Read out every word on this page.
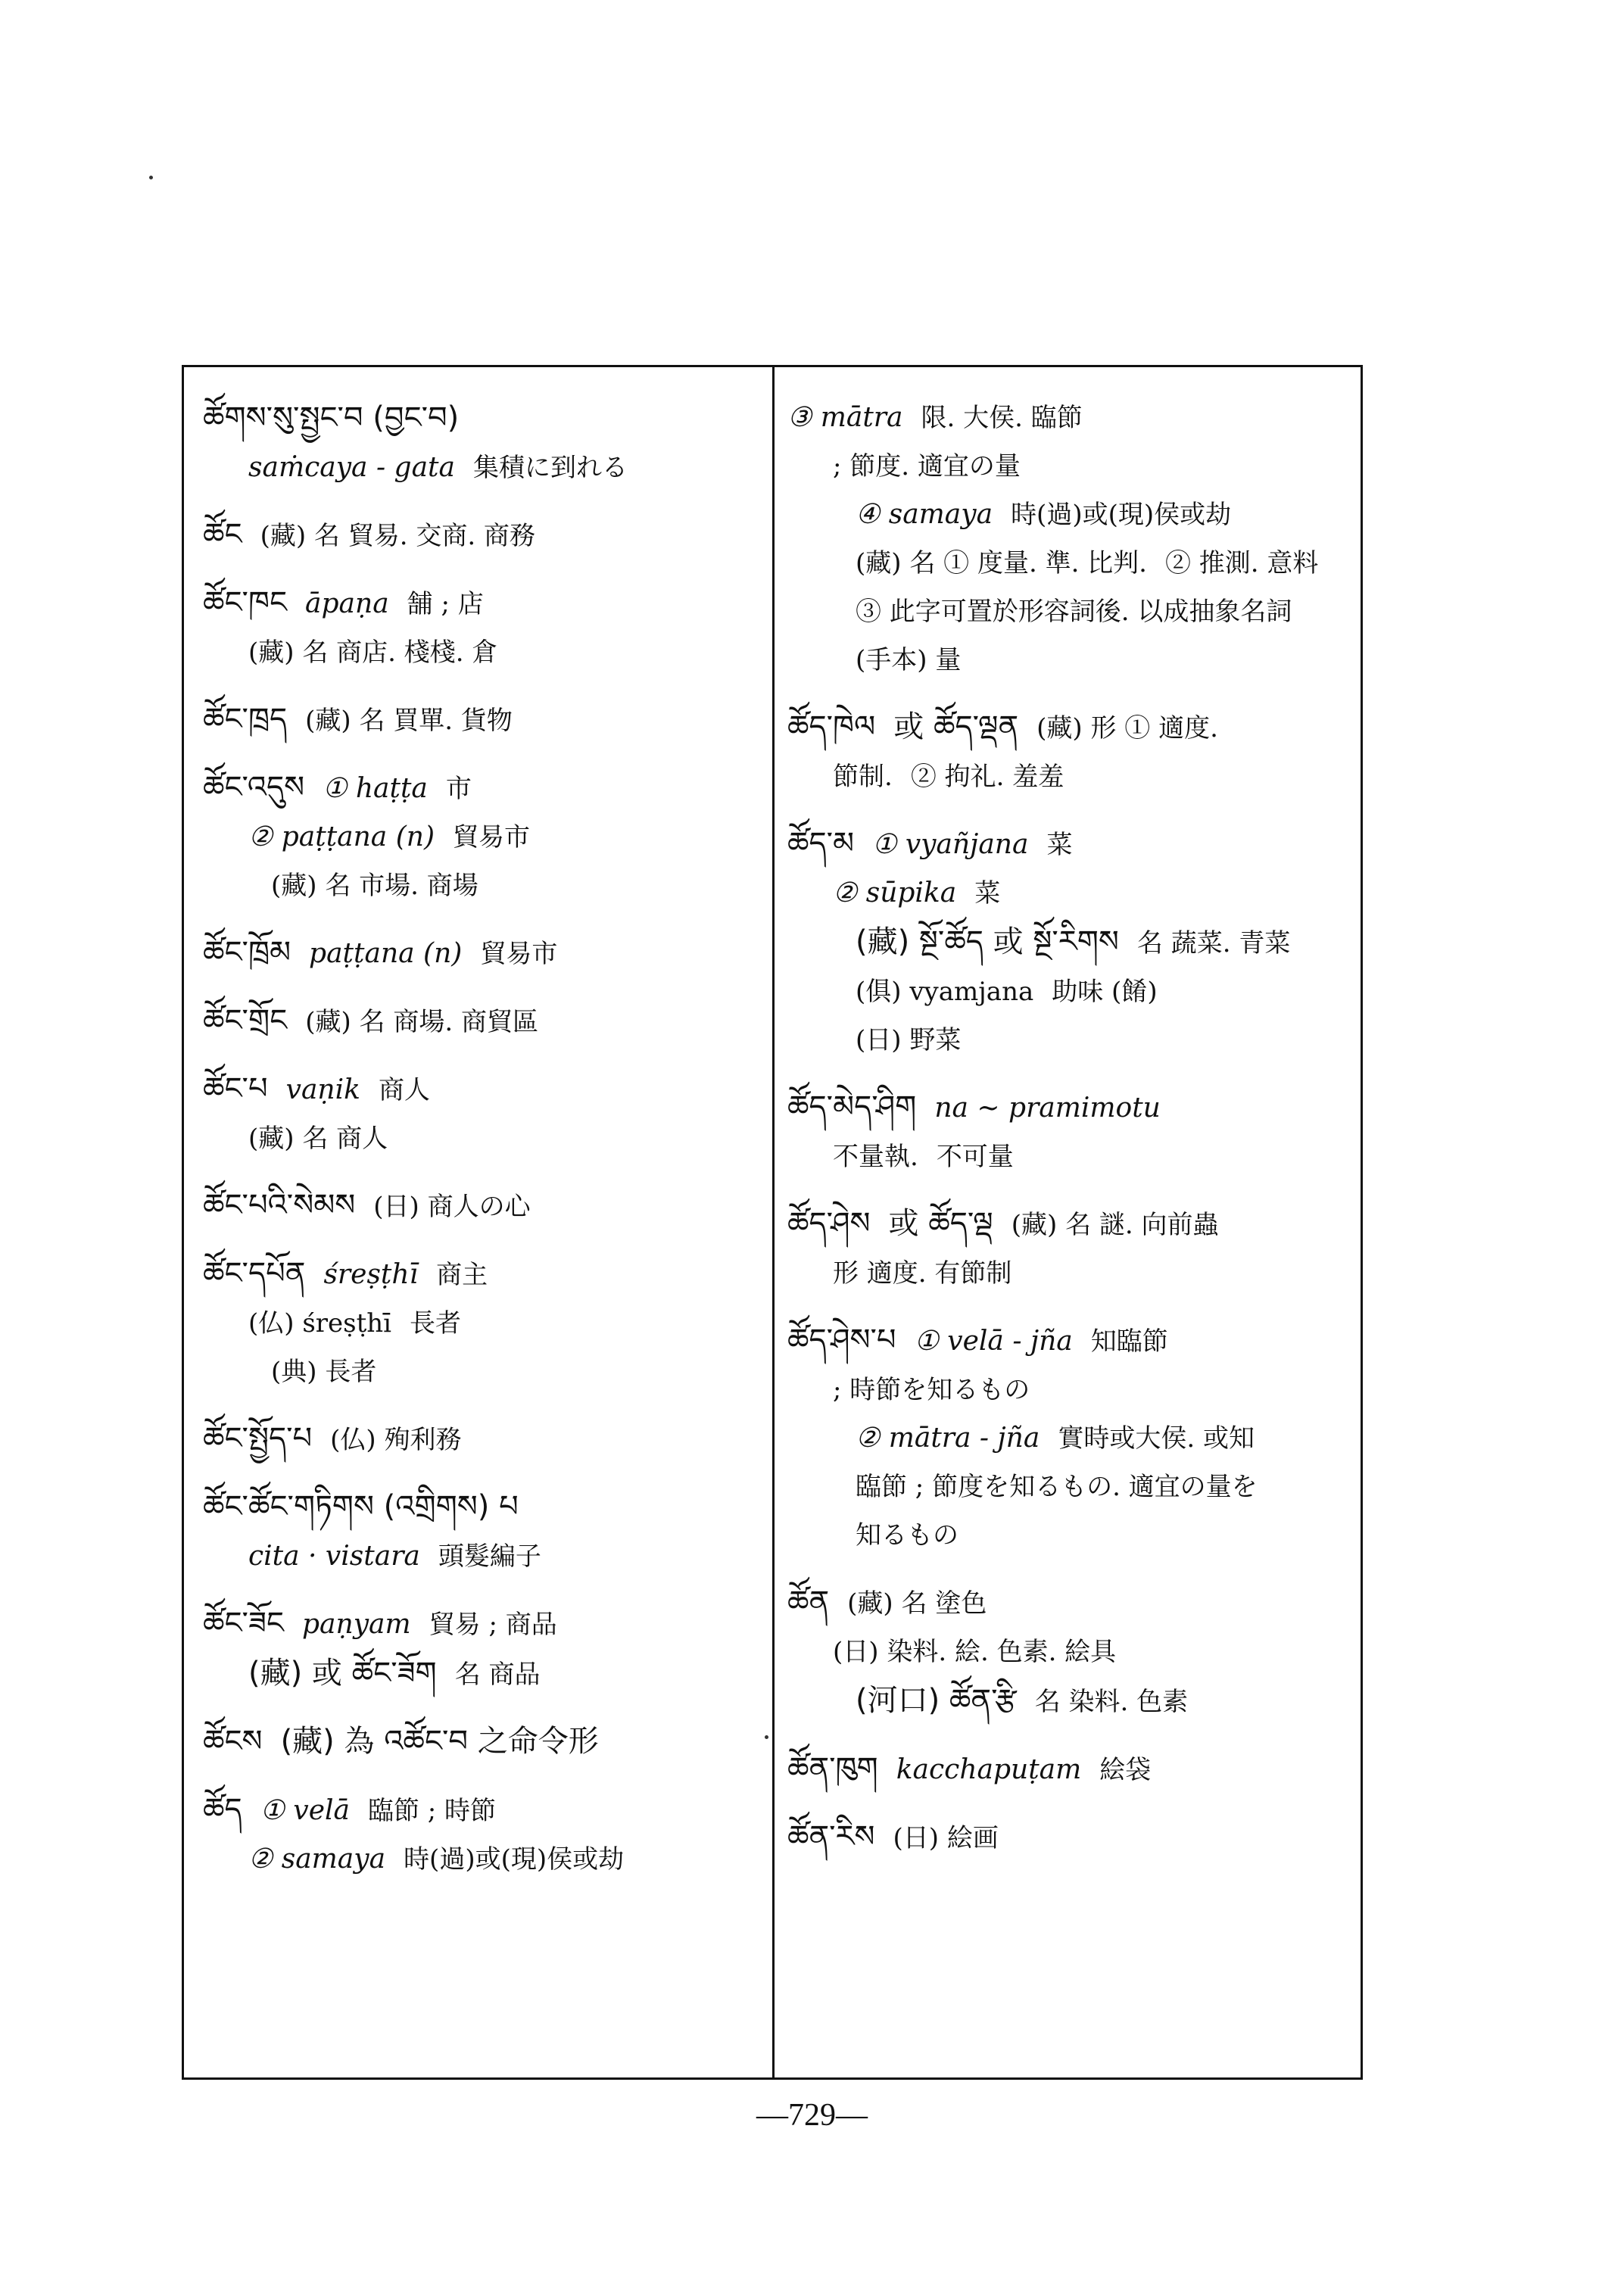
ཚོགས་སུ་སྤྱང་བ (བྱང་བ)
saṁcaya - gata 集積に到れる
ཚོང (藏) 名 貿易. 交商. 商務
ཚོང་ཁང āpaṇa 舗 ; 店
(藏) 名 商店. 棧棧. 倉
ཚོང་ཁྲད (藏) 名 買單. 貨物
ཚོང་འདུས ① haṭṭa 市
② paṭṭana (n) 貿易市
(藏) 名 市場. 商場
ཚོང་ཁྲོམ paṭṭana (n) 貿易市
ཚོང་གྲོང (藏) 名 商場. 商貿區
ཚོང་པ vaṇik 商人
(藏) 名 商人
ཚོང་པའི་སེམས (日) 商人の心
ཚོང་དཔོན śreṣṭhī 商主
(仏) śreṣṭhī 長者
(典) 長者
ཚོང་སྤྱོད་པ (仏) 殉利務
ཚོང་ཚོང་གཏིགས (འགྲིགས) པ
cita · vistara 頭髮編子
ཚོང་ཟོང paṇyam 貿易 ; 商品
(藏) 或 ཚོང་ཟོག 名 商品
ཚོངས (藏) 為 འཚོང་བ 之命令形
ཚོད ① velā 臨節 ; 時節
② samaya 時(過)或(現)侯或劫
③ mātra 限. 大侯. 臨節
; 節度. 適宜の量
④ samaya 時(過)或(現)侯或劫
(藏) 名 ① 度量. 準. 比判. ② 推測. 意料
③ 此字可置於形容詞後. 以成抽象名詞
(手本) 量
ཚོད་ཁེལ 或 ཚོད་ལྡན (藏) 形 ① 適度.
節制. ② 拘礼. 羞羞
ཚོད་མ ① vyañjana 菜
② sūpika 菜
(藏) སྔོ་ཚོད 或 སྔོ་རིགས 名 蔬菜. 青菜
(俱) vyamjana 助味 (餚)
(日) 野菜
ཚོད་མེད་ཤིག na ~ pramimotu
不量執. 不可量
ཚོད་ཤེས 或 ཚོད་ལྡ (藏) 名 謎. 向前蟲
形 適度. 有節制
ཚོད་ཤེས་པ ① velā - jña 知臨節
; 時節を知るもの
② mātra - jña 實時或大侯. 或知
臨節 ; 節度を知るもの. 適宜の量を
知るもの
ཚོན (藏) 名 塗色
(日) 染料. 絵. 色素. 絵具
(河口) ཚོན་རྩི 名 染料. 色素
ཚོན་ཁུག kacchapuṭam 絵袋
ཚོན་རིས (日) 絵画
—729—
